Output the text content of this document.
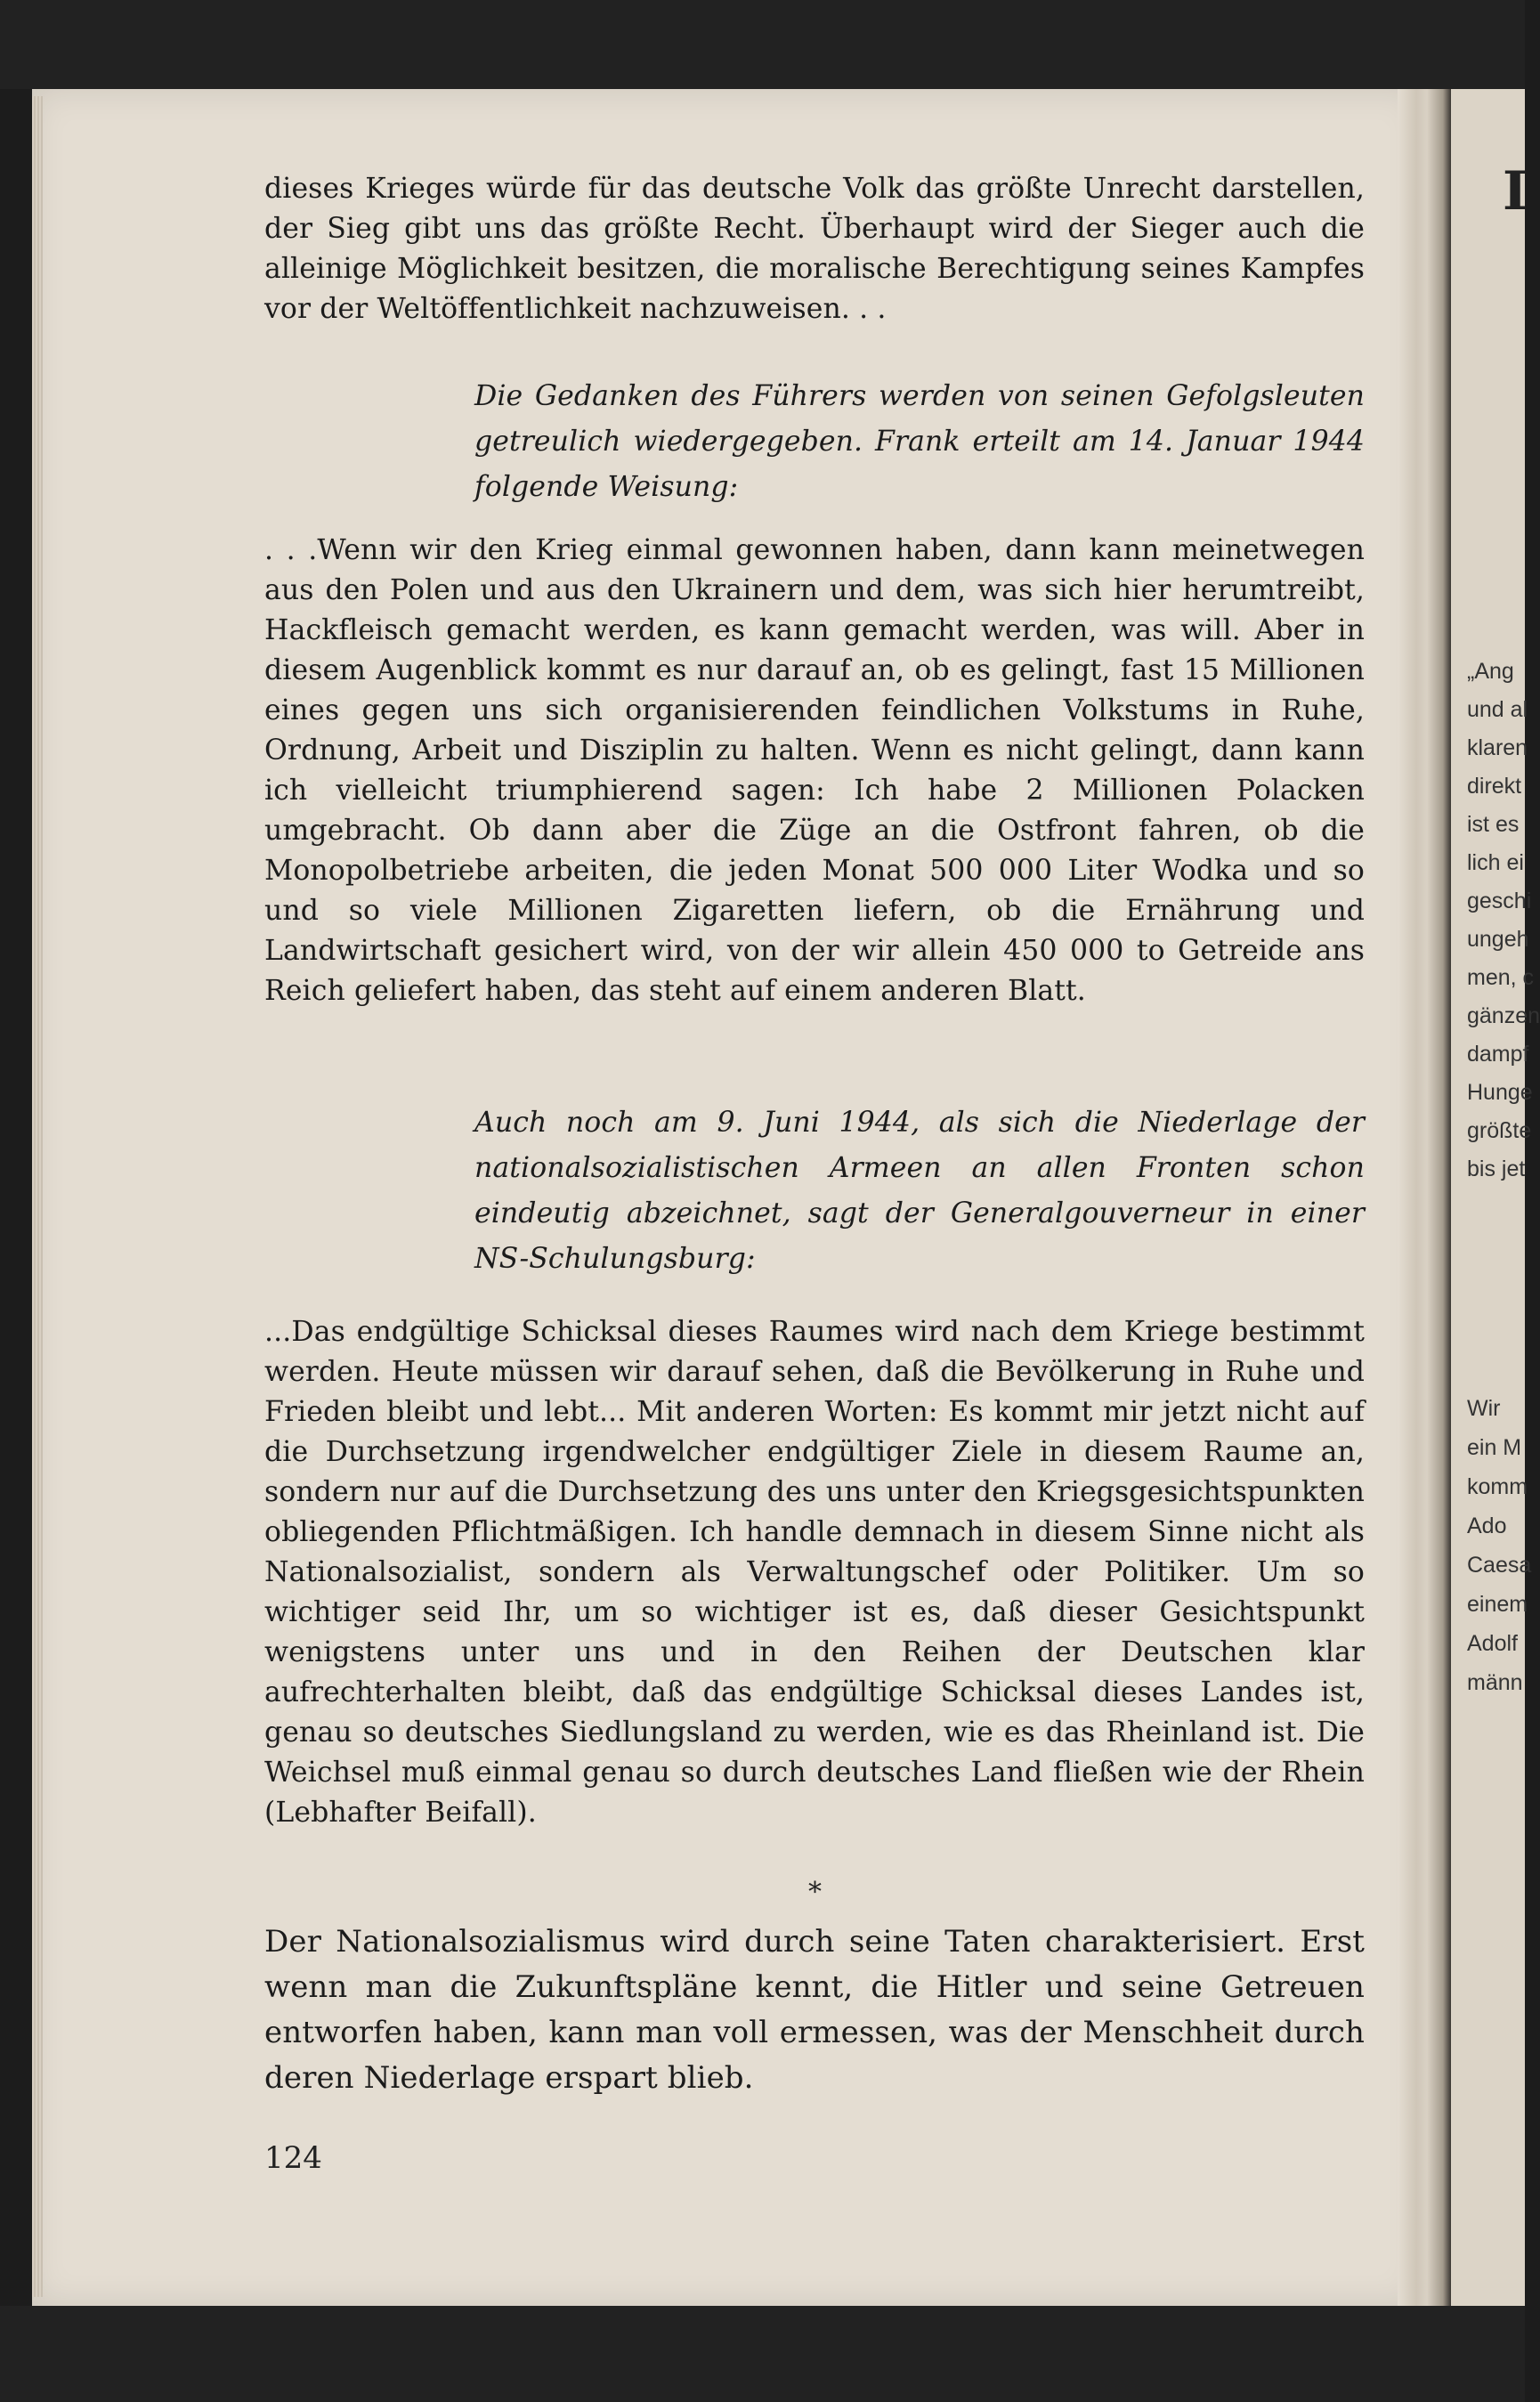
I
„Ang
und al
klaren
direkt
ist es
lich ei
geschi
ungeh
men, c
gänzen
dampf
Hunge
größte
bis jet
Wir
ein M
komm
Ado
Caesa
einem
Adolf
männ

dieses Krieges würde für das deutsche Volk das größte Unrecht darstellen, der Sieg gibt uns das größte Recht. Überhaupt wird der Sieger auch die alleinige Möglichkeit besitzen, die moralische Berechtigung seines Kampfes vor der Weltöffentlichkeit nachzuweisen. . .

Die Gedanken des Führers werden von seinen Gefolgsleuten getreulich wiedergegeben. Frank erteilt am 14. Januar 1944 folgende Weisung:

. . .Wenn wir den Krieg einmal gewonnen haben, dann kann meinetwegen aus den Polen und aus den Ukrainern und dem, was sich hier herumtreibt, Hackfleisch gemacht werden, es kann gemacht werden, was will. Aber in diesem Augenblick kommt es nur darauf an, ob es gelingt, fast 15 Millionen eines gegen uns sich organisierenden feindlichen Volkstums in Ruhe, Ordnung, Arbeit und Disziplin zu halten. Wenn es nicht gelingt, dann kann ich vielleicht triumphierend sagen: Ich habe 2 Millionen Polacken umgebracht. Ob dann aber die Züge an die Ostfront fahren, ob die Monopolbetriebe arbeiten, die jeden Monat 500 000 Liter Wodka und so und so viele Millionen Zigaretten liefern, ob die Ernährung und Landwirtschaft gesichert wird, von der wir allein 450 000 to Getreide ans Reich geliefert haben, das steht auf einem anderen Blatt.

Auch noch am 9. Juni 1944, als sich die Niederlage der nationalsozialistischen Armeen an allen Fronten schon eindeutig abzeichnet, sagt der Generalgouverneur in einer NS-Schulungsburg:

...Das endgültige Schicksal dieses Raumes wird nach dem Kriege bestimmt werden. Heute müssen wir darauf sehen, daß die Bevölkerung in Ruhe und Frieden bleibt und lebt... Mit anderen Worten: Es kommt mir jetzt nicht auf die Durchsetzung irgendwelcher endgültiger Ziele in diesem Raume an, sondern nur auf die Durchsetzung des uns unter den Kriegsgesichtspunkten obliegenden Pflichtmäßigen. Ich handle demnach in diesem Sinne nicht als Nationalsozialist, sondern als Verwaltungschef oder Politiker. Um so wichtiger seid Ihr, um so wichtiger ist es, daß dieser Gesichtspunkt wenigstens unter uns und in den Reihen der Deutschen klar aufrechterhalten bleibt, daß das endgültige Schicksal dieses Landes ist, genau so deutsches Siedlungsland zu werden, wie es das Rheinland ist. Die Weichsel muß einmal genau so durch deutsches Land fließen wie der Rhein (Lebhafter Beifall).

*

Der Nationalsozialismus wird durch seine Taten charakterisiert. Erst wenn man die Zukunftspläne kennt, die Hitler und seine Getreuen entworfen haben, kann man voll ermessen, was der Menschheit durch deren Niederlage erspart blieb.

124
